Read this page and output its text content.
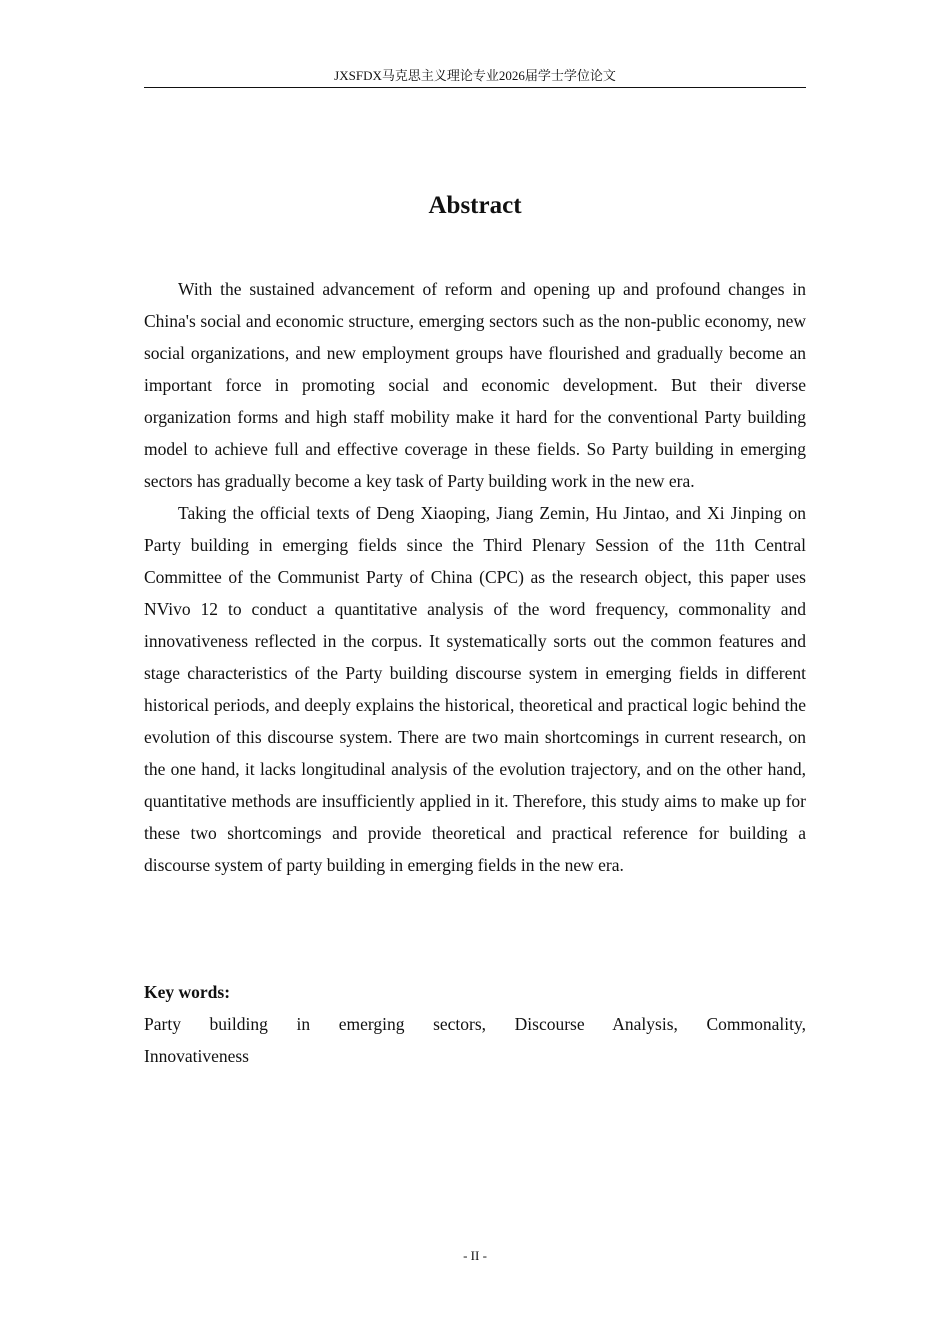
JXSFDX马克思主义理论专业2026届学士学位论文
Abstract

With the sustained advancement of reform and opening up and profound changes in China's social and economic structure, emerging sectors such as the non-public economy, new social organizations, and new employment groups have flourished and gradually become an important force in promoting social and economic development. But their diverse organization forms and high staff mobility make it hard for the conventional Party building model to achieve full and effective coverage in these fields. So Party building in emerging sectors has gradually become a key task of Party building work in the new era.

Taking the official texts of Deng Xiaoping, Jiang Zemin, Hu Jintao, and Xi Jinping on Party building in emerging fields since the Third Plenary Session of the 11th Central Committee of the Communist Party of China (CPC) as the research object, this paper uses NVivo 12 to conduct a quantitative analysis of the word frequency, commonality and innovativeness reflected in the corpus. It systematically sorts out the common features and stage characteristics of the Party building discourse system in emerging fields in different historical periods, and deeply explains the historical, theoretical and practical logic behind the evolution of this discourse system. There are two main shortcomings in current research, on the one hand, it lacks longitudinal analysis of the evolution trajectory, and on the other hand, quantitative methods are insufficiently applied in it. Therefore, this study aims to make up for these two shortcomings and provide theoretical and practical reference for building a discourse system of party building in emerging fields in the new era.

Key words:
Party building in emerging sectors, Discourse Analysis, Commonality, Innovativeness
- II -
